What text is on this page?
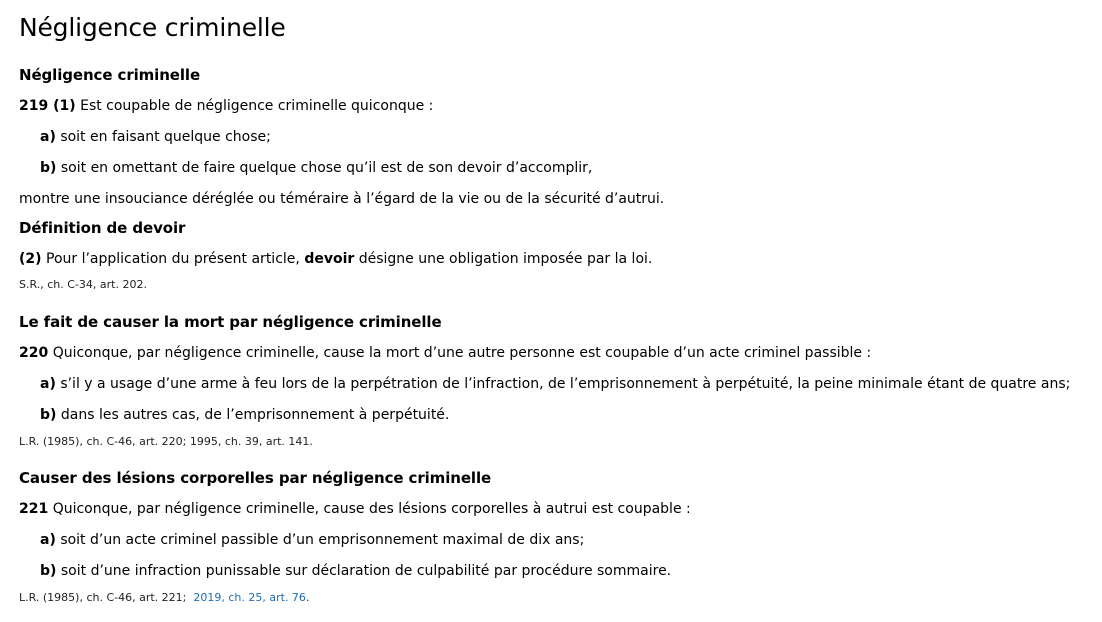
Négligence criminelle
Négligence criminelle
219 (1) Est coupable de négligence criminelle quiconque :
a) soit en faisant quelque chose;
b) soit en omettant de faire quelque chose qu’il est de son devoir d’accomplir,
montre une insouciance déréglée ou téméraire à l’égard de la vie ou de la sécurité d’autrui.
Définition de devoir
(2) Pour l’application du présent article, devoir désigne une obligation imposée par la loi.
S.R., ch. C-34, art. 202.
Le fait de causer la mort par négligence criminelle
220 Quiconque, par négligence criminelle, cause la mort d’une autre personne est coupable d’un acte criminel passible :
a) s’il y a usage d’une arme à feu lors de la perpétration de l’infraction, de l’emprisonnement à perpétuité, la peine minimale étant de quatre ans;
b) dans les autres cas, de l’emprisonnement à perpétuité.
L.R. (1985), ch. C-46, art. 220; 1995, ch. 39, art. 141.
Causer des lésions corporelles par négligence criminelle
221 Quiconque, par négligence criminelle, cause des lésions corporelles à autrui est coupable :
a) soit d’un acte criminel passible d’un emprisonnement maximal de dix ans;
b) soit d’une infraction punissable sur déclaration de culpabilité par procédure sommaire.
L.R. (1985), ch. C-46, art. 221; 2019, ch. 25, art. 76.
